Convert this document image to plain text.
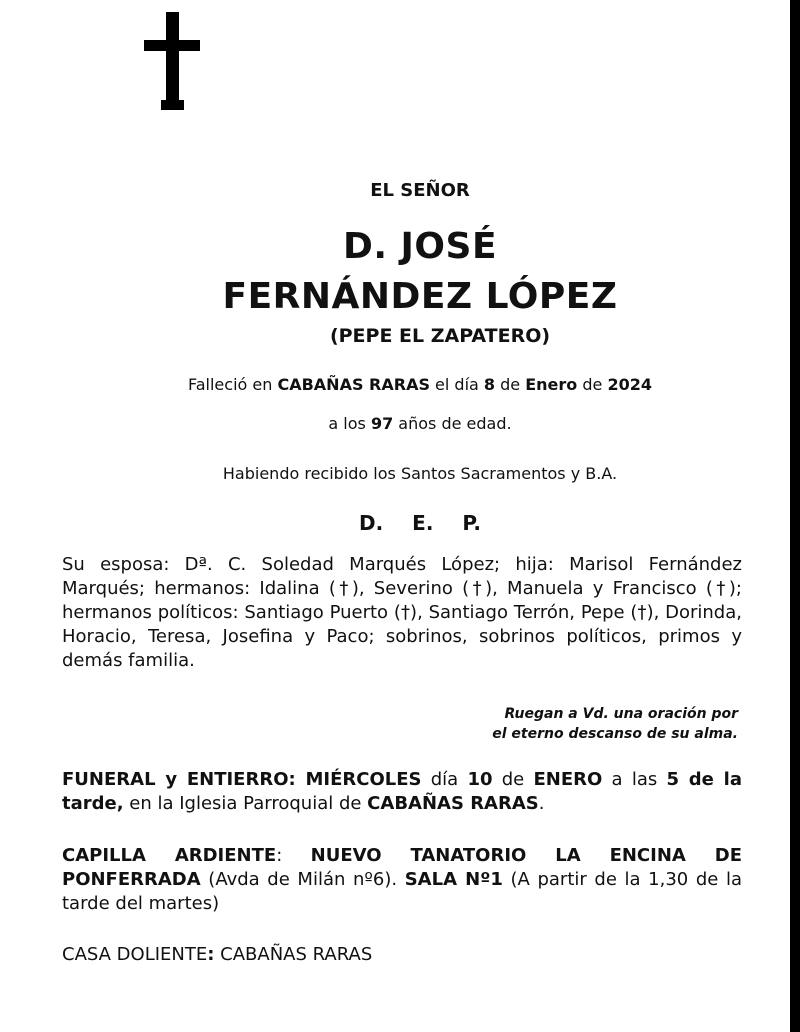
EL SEÑOR
D. JOSÉ
FERNÁNDEZ LÓPEZ
(PEPE EL ZAPATERO)
Falleció en CABAÑAS RARAS el día 8 de Enero de 2024
a los 97 años de edad.
Habiendo recibido los Santos Sacramentos y B.A.
D. E. P.
Su esposa: Dª. C. Soledad Marqués López; hija: Marisol Fernández Marqués; hermanos: Idalina (†), Severino (†), Manuela y Francisco (†); hermanos políticos: Santiago Puerto (†), Santiago Terrón, Pepe (†), Dorinda, Horacio, Teresa, Josefina y Paco; sobrinos, sobrinos políticos, primos y demás familia.
Ruegan a Vd. una oración por
el eterno descanso de su alma.
FUNERAL y ENTIERRO: MIÉRCOLES día 10 de ENERO a las 5 de la tarde, en la Iglesia Parroquial de CABAÑAS RARAS.
CAPILLA ARDIENTE: NUEVO TANATORIO LA ENCINA DE PONFERRADA (Avda de Milán nº6). SALA Nº1 (A partir de la 1,30 de la tarde del martes)
CASA DOLIENTE: CABAÑAS RARAS
